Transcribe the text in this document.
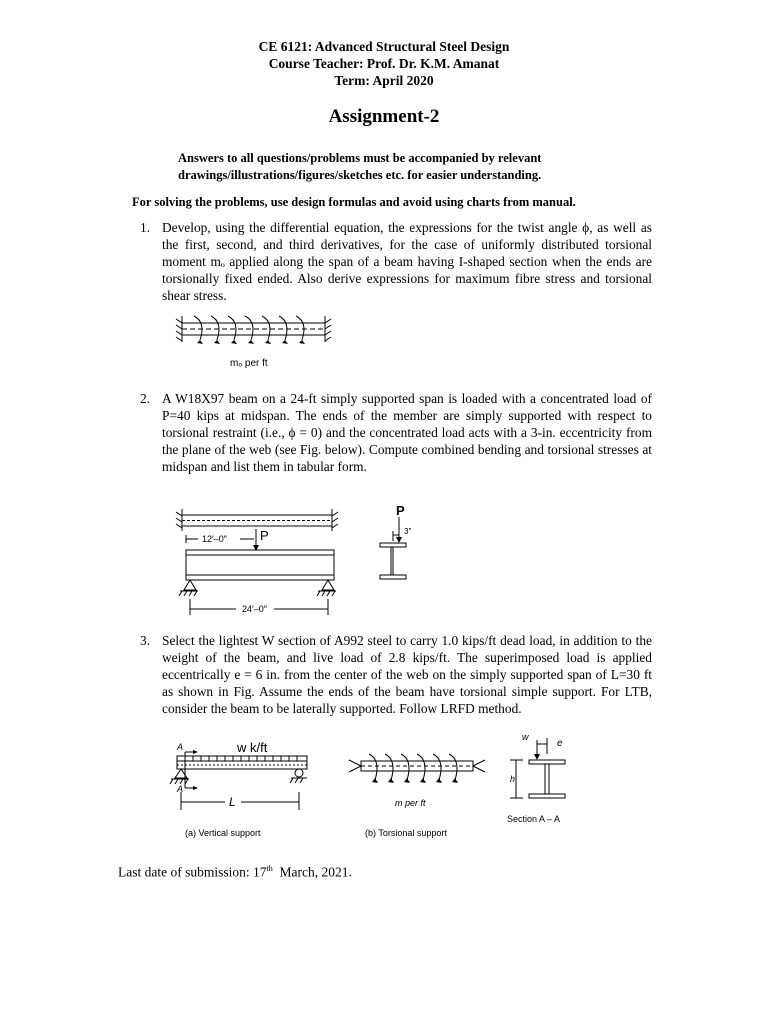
CE 6121: Advanced Structural Steel Design
Course Teacher: Prof. Dr. K.M. Amanat
Term: April 2020
Assignment-2
Answers to all questions/problems must be accompanied by relevant drawings/illustrations/figures/sketches etc. for easier understanding.
For solving the problems, use design formulas and avoid using charts from manual.
1. Develop, using the differential equation, the expressions for the twist angle ϕ, as well as the first, second, and third derivatives, for the case of uniformly distributed torsional moment mₒ applied along the span of a beam having I-shaped section when the ends are torsionally fixed ended. Also derive expressions for maximum fibre stress and torsional shear stress.
mₒ per ft
2. A W18X97 beam on a 24-ft simply supported span is loaded with a concentrated load of P=40 kips at midspan. The ends of the member are simply supported with respect to torsional restraint (i.e., ϕ = 0) and the concentrated load acts with a 3-in. eccentricity from the plane of the web (see Fig. below). Compute combined bending and torsional stresses at midspan and list them in tabular form.
12′–0″	P
24′–0″
P
3″
3. Select the lightest W section of A992 steel to carry 1.0 kips/ft dead load, in addition to the weight of the beam, and live load of 2.8 kips/ft. The superimposed load is applied eccentrically e = 6 in. from the center of the web on the simply supported span of L=30 ft as shown in Fig. Assume the ends of the beam have torsional simple support. For LTB, consider the beam to be laterally supported. Follow LRFD method.
A
A
w k/ft
L
(a) Vertical support	(b) Torsional support
m per ft
w
e
h
Section A – A
Last date of submission: 17th  March, 2021.
